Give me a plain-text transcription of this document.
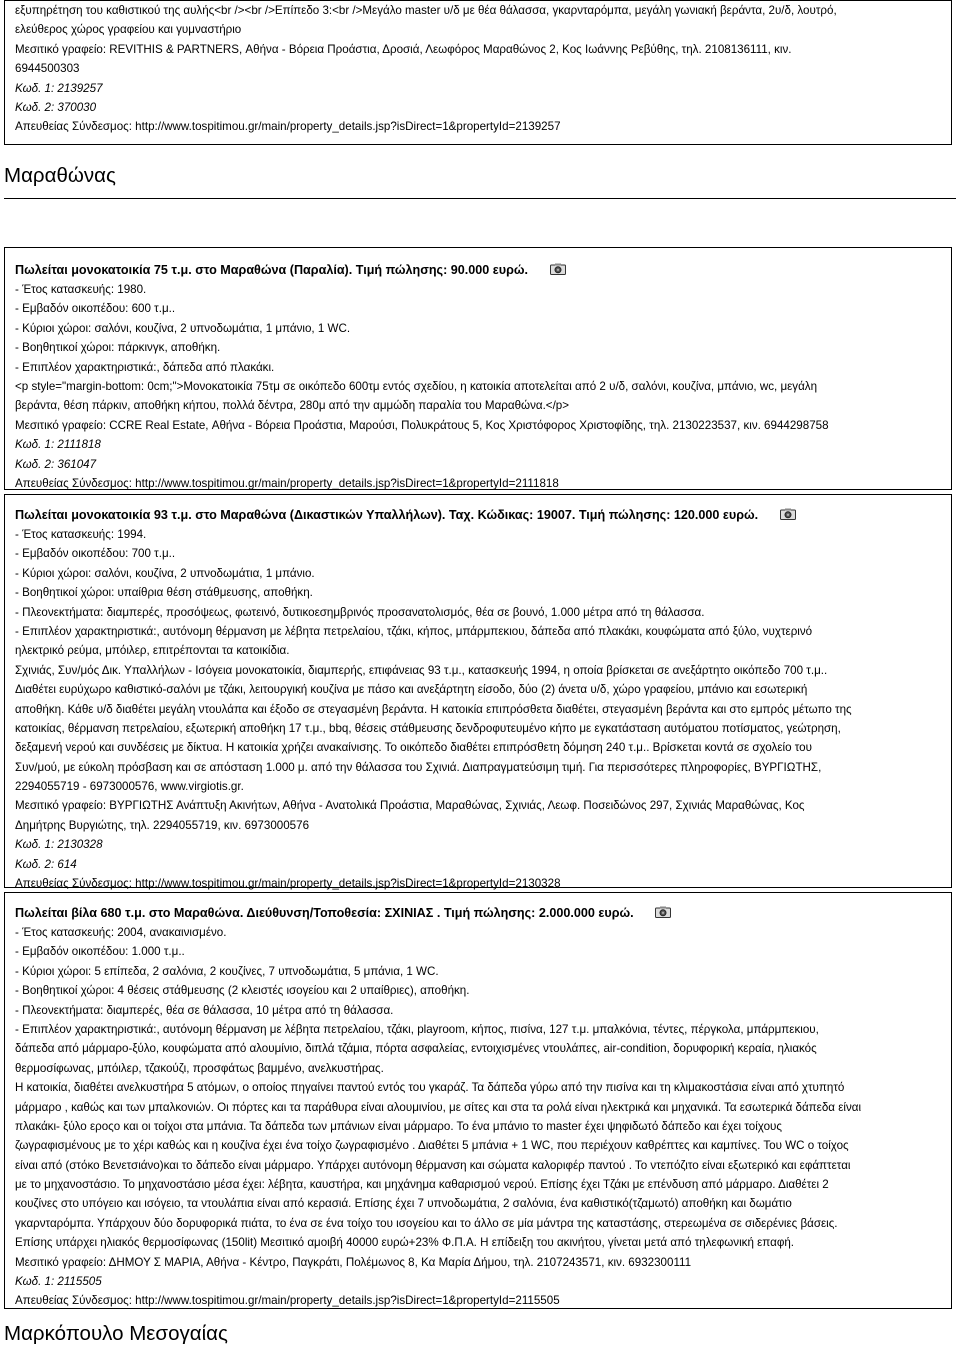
εξυπηρέτηση του καθιστικού της αυλής<br /><br />Επίπεδο 3:<br />Μεγάλο master υ/δ με θέα θάλασσα, γκαρνταρόμπα, μεγάλη γωνιακή βεράντα, 2υ/δ, λουτρό,
ελεύθερος χώρος γραφείου και γυμναστήριο
Μεσιτικό γραφείο: REVITHIS & PARTNERS, Αθήνα - Βόρεια Προάστια, Δροσιά, Λεωφόρος Μαραθώνος 2, Κος Ιωάννης Ρεβύθης, τηλ. 2108136111, κιν.
6944500303
Κωδ. 1: 2139257
Κωδ. 2: 370030
Απευθείας Σύνδεσμος: http://www.tospitimou.gr/main/property_details.jsp?isDirect=1&propertyId=2139257
Μαραθώνας
Πωλείται μονοκατοικία 75 τ.μ. στο Μαραθώνα (Παραλία). Τιμή πώλησης: 90.000 ευρώ.
- Έτος κατασκευής: 1980.
- Εμβαδόν οικοπέδου: 600 τ.μ..
- Κύριοι χώροι: σαλόνι, κουζίνα, 2 υπνοδωμάτια, 1 μπάνιο, 1 WC.
- Βοηθητικοί χώροι: πάρκινγκ, αποθήκη.
- Επιπλέον χαρακτηριστικά:, δάπεδα από πλακάκι.
<p style="margin-bottom: 0cm;">Μονοκατοικία 75τμ σε οικόπεδο 600τμ εντός σχεδίου, η κατοικία αποτελείται από 2 υ/δ, σαλόνι, κουζίνα, μπάνιο, wc, μεγάλη
βεράντα, θέση πάρκιν, αποθήκη κήπου, πολλά δέντρα, 280μ από την αμμώδη παραλία του Μαραθώνα.</p>
Μεσιτικό γραφείο: CCRE Real Estate, Αθήνα - Βόρεια Προάστια, Μαρούσι, Πολυκράτους 5, Κος Χριστόφορος Χριστοφίδης, τηλ. 2130223537, κιν. 6944298758
Κωδ. 1: 2111818
Κωδ. 2: 361047
Απευθείας Σύνδεσμος: http://www.tospitimou.gr/main/property_details.jsp?isDirect=1&propertyId=2111818
Πωλείται μονοκατοικία 93 τ.μ. στο Μαραθώνα (Δικαστικών Υπαλλήλων). Ταχ. Κώδικας: 19007. Τιμή πώλησης: 120.000 ευρώ.
- Έτος κατασκευής: 1994.
- Εμβαδόν οικοπέδου: 700 τ.μ..
- Κύριοι χώροι: σαλόνι, κουζίνα, 2 υπνοδωμάτια, 1 μπάνιο.
- Βοηθητικοί χώροι: υπαίθρια θέση στάθμευσης, αποθήκη.
- Πλεονεκτήματα: διαμπερές, προσόψεως, φωτεινό, δυτικοεσημβρινός προσανατολισμός, θέα σε βουνό, 1.000 μέτρα από τη θάλασσα.
- Επιπλέον χαρακτηριστικά:, αυτόνομη θέρμανση με λέβητα πετρελαίου, τζάκι, κήπος, μπάρμπεκιου, δάπεδα από πλακάκι, κουφώματα από ξύλο, νυχτερινό
ηλεκτρικό ρεύμα, μπόιλερ, επιτρέπονται τα κατοικίδια.
Σχινιάς, Συν/μός Δικ. Υπαλλήλων - Ισόγεια μονοκατοικία, διαμπερής, επιφάνειας 93 τ.μ., κατασκευής 1994, η οποία βρίσκεται σε ανεξάρτητο οικόπεδο 700 τ.μ..
Διαθέτει ευρύχωρο καθιστικό-σαλόνι με τζάκι, λειτουργική κουζίνα με πάσο και ανεξάρτητη είσοδο, δύο (2) άνετα υ/δ, χώρο γραφείου, μπάνιο και εσωτερική
αποθήκη. Κάθε υ/δ διαθέτει μεγάλη ντουλάπα και έξοδο σε στεγασμένη βεράντα. Η κατοικία επιπρόσθετα διαθέτει, στεγασμένη βεράντα και στο εμπρός μέτωπο της
κατοικίας, θέρμανση πετρελαίου, εξωτερική αποθήκη 17 τ.μ., bbq, θέσεις στάθμευσης δενδροφυτευμένο κήπο με εγκατάσταση αυτόματου ποτίσματος, γεώτρηση,
δεξαμενή νερού και συνδέσεις με δίκτυα. Η κατοικία χρήζει ανακαίνισης. Το οικόπεδο διαθέτει επιπρόσθετη δόμηση 240 τ.μ.. Βρίσκεται κοντά σε σχολείο του
Συν/μού, με εύκολη πρόσβαση και σε απόσταση 1.000 μ. από την θάλασσα του Σχινιά. Διαπραγματεύσιμη τιμή. Για περισσότερες πληροφορίες, ΒΥΡΓΙΩΤΗΣ,
2294055719 - 6973000576, www.virgiotis.gr.
Μεσιτικό γραφείο: ΒΥΡΓΙΩΤΗΣ Ανάπτυξη Ακινήτων, Αθήνα - Ανατολικά Προάστια, Μαραθώνας, Σχινιάς, Λεωφ. Ποσειδώνος 297, Σχινιάς Μαραθώνας, Κος
Δημήτρης Βυργιώτης, τηλ. 2294055719, κιν. 6973000576
Κωδ. 1: 2130328
Κωδ. 2: 614
Απευθείας Σύνδεσμος: http://www.tospitimou.gr/main/property_details.jsp?isDirect=1&propertyId=2130328
Πωλείται βίλα 680 τ.μ. στο Μαραθώνα. Διεύθυνση/Τοποθεσία: ΣΧΙΝΙΑΣ . Τιμή πώλησης: 2.000.000 ευρώ.
- Έτος κατασκευής: 2004, ανακαινισμένο.
- Εμβαδόν οικοπέδου: 1.000 τ.μ..
- Κύριοι χώροι: 5 επίπεδα, 2 σαλόνια, 2 κουζίνες, 7 υπνοδωμάτια, 5 μπάνια, 1 WC.
- Βοηθητικοί χώροι: 4 θέσεις στάθμευσης (2 κλειστές ισογείου και 2 υπαίθριες), αποθήκη.
- Πλεονεκτήματα: διαμπερές, θέα σε θάλασσα, 10 μέτρα από τη θάλασσα.
- Επιπλέον χαρακτηριστικά:, αυτόνομη θέρμανση με λέβητα πετρελαίου, τζάκι, playroom, κήπος, πισίνα, 127 τ.μ. μπαλκόνια, τέντες, πέργκολα, μπάρμπεκιου,
δάπεδα από μάρμαρο-ξύλο, κουφώματα από αλουμίνιο, διπλά τζάμια, πόρτα ασφαλείας, εντοιχισμένες ντουλάπες, air-condition, δορυφορική κεραία, ηλιακός
θερμοσίφωνας, μπόιλερ, τζακούζι, προσφάτως βαμμένο, ανελκυστήρας.
Η κατοικία, διαθέτει ανελκυστήρα 5 ατόμων, ο οποίος πηγαίνει παντού εντός του γκαράζ. Τα δάπεδα γύρω από την πισίνα και τη κλιμακοστάσια είναι από χτυπητό
μάρμαρο , καθώς και των μπαλκονιών. Οι πόρτες και τα παράθυρα είναι αλουμινίου, με σίτες και στα τα ρολά είναι ηλεκτρικά και μηχανικά. Τα εσωτερικά δάπεδα είναι
πλακάκι- ξύλο εροςο και οι τοίχοι στα μπάνια. Τα δάπεδα των μπάνιων είναι μάρμαρο. Το ένα μπάνιο το master έχει ψηφιδωτό δάπεδο και έχει τοίχους
ζωγραφισμένους με το χέρι καθώς και η κουζίνα έχει ένα τοίχο ζωγραφισμένο . Διαθέτει 5 μπάνια + 1 WC, που περιέχουν καθρέπτες και καμπίνες. Του WC ο τοίχος
είναι από (στόκο Βενετσιάνο)και το δάπεδο είναι μάρμαρο. Υπάρχει αυτόνομη θέρμανση και σώματα καλοριφέρ παντού . Το ντεπόζιτο είναι εξωτερικό και εφάπτεται
με το μηχανοστάσιο. Το μηχανοστάσιο μέσα έχει: λέβητα, καυστήρα, και μηχάνημα καθαρισμού νερού. Επίσης έχει Τζάκι με επένδυση από μάρμαρο. Διαθέτει 2
κουζίνες στο υπόγειο και ισόγειο, τα ντουλάπια είναι από κερασιά. Επίσης έχει 7 υπνοδωμάτια, 2 σαλόνια, ένα καθιστικό(τζαμωτό) αποθήκη και δωμάτιο
γκαρνταρόμπα. Υπάρχουν δύο δορυφορικά πιάτα, το ένα σε ένα τοίχο του ισογείου και το άλλο σε μία μάντρα της καταστάσης, στερεωμένα σε σιδερένιες βάσεις.
Επίσης υπάρχει ηλιακός θερμοσίφωνας (150lit) Μεσιτικό αμοιβή 40000 ευρώ+23% Φ.Π.Α. Η επίδειξη του ακινήτου, γίνεται μετά από τηλεφωνική επαφή.
Μεσιτικό γραφείο: ΔΗΜΟΥ Σ ΜΑΡΙΑ, Αθήνα - Κέντρο, Παγκράτι, Πολέμωνος 8, Κα Μαρία Δήμου, τηλ. 2107243571, κιν. 6932300111
Κωδ. 1: 2115505
Απευθείας Σύνδεσμος: http://www.tospitimou.gr/main/property_details.jsp?isDirect=1&propertyId=2115505
Μαρκόπουλο Μεσογαίας
